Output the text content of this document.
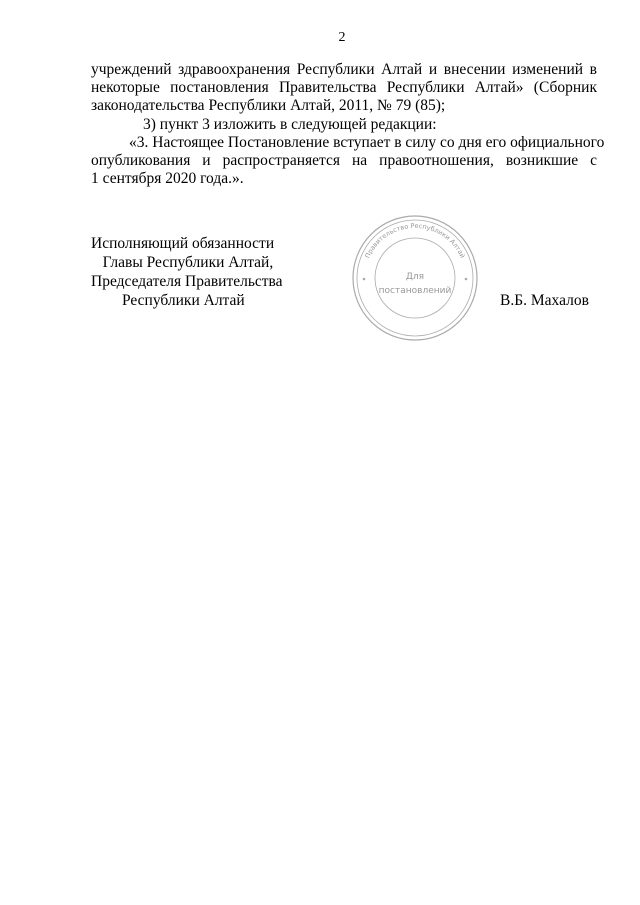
2
учреждений здравоохранения Республики Алтай и внесении изменений в
некоторые постановления Правительства Республики Алтай» (Сборник
законодательства Республики Алтай, 2011, № 79 (85);
3) пункт 3 изложить в следующей редакции:
«3. Настоящее Постановление вступает в силу со дня его официального
опубликования и распространяется на правоотношения, возникшие с
1 сентября 2020 года.».
Исполняющий обязанности
Главы Республики Алтай,
Председателя Правительства
Республики Алтай	В.Б. Махалов
Правительство Республики Алтай
Для
постановлений
